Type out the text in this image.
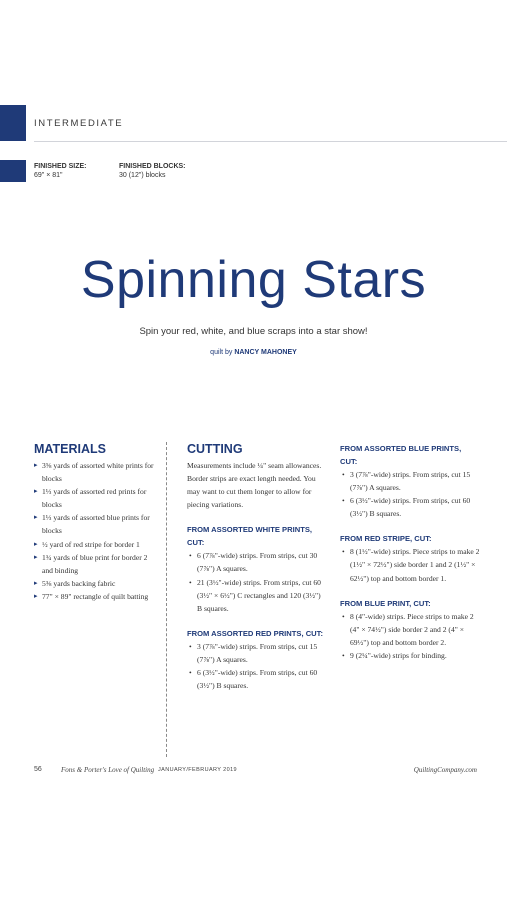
INTERMEDIATE
FINISHED SIZE:
69" × 81"
FINISHED BLOCKS:
30 (12") blocks
Spinning Stars
Spin your red, white, and blue scraps into a star show!
quilt by NANCY MAHONEY
MATERIALS
▸ 3⅝ yards of assorted white prints for blocks
▸ 1⅓ yards of assorted red prints for blocks
▸ 1⅓ yards of assorted blue prints for blocks
▸ ½ yard of red stripe for border 1
▸ 1¾ yards of blue print for border 2 and binding
▸ 5⅜ yards backing fabric
▸ 77" × 89" rectangle of quilt batting
CUTTING
Measurements include ¼" seam allowances. Border strips are exact length needed. You may want to cut them longer to allow for piecing variations.
FROM ASSORTED WHITE PRINTS, CUT:
• 6 (7⅞"-wide) strips. From strips, cut 30 (7⅞") A squares.
• 21 (3½"-wide) strips. From strips, cut 60 (3½" × 6½") C rectangles and 120 (3½") B squares.
FROM ASSORTED RED PRINTS, CUT:
• 3 (7⅞"-wide) strips. From strips, cut 15 (7⅞") A squares.
• 6 (3½"-wide) strips. From strips, cut 60 (3½") B squares.
FROM ASSORTED BLUE PRINTS, CUT:
• 3 (7⅞"-wide) strips. From strips, cut 15 (7⅞") A squares.
• 6 (3½"-wide) strips. From strips, cut 60 (3½") B squares.
FROM RED STRIPE, CUT:
• 8 (1½"-wide) strips. Piece strips to make 2 (1½" × 72½") side border 1 and 2 (1½" × 62½") top and bottom border 1.
FROM BLUE PRINT, CUT:
• 8 (4"-wide) strips. Piece strips to make 2 (4" × 74½") side border 2 and 2 (4" × 69½") top and bottom border 2.
• 9 (2¼"-wide) strips for binding.
56	Fons & Porter's Love of Quilting JANUARY/FEBRUARY 2019	QuiltingCompany.com
